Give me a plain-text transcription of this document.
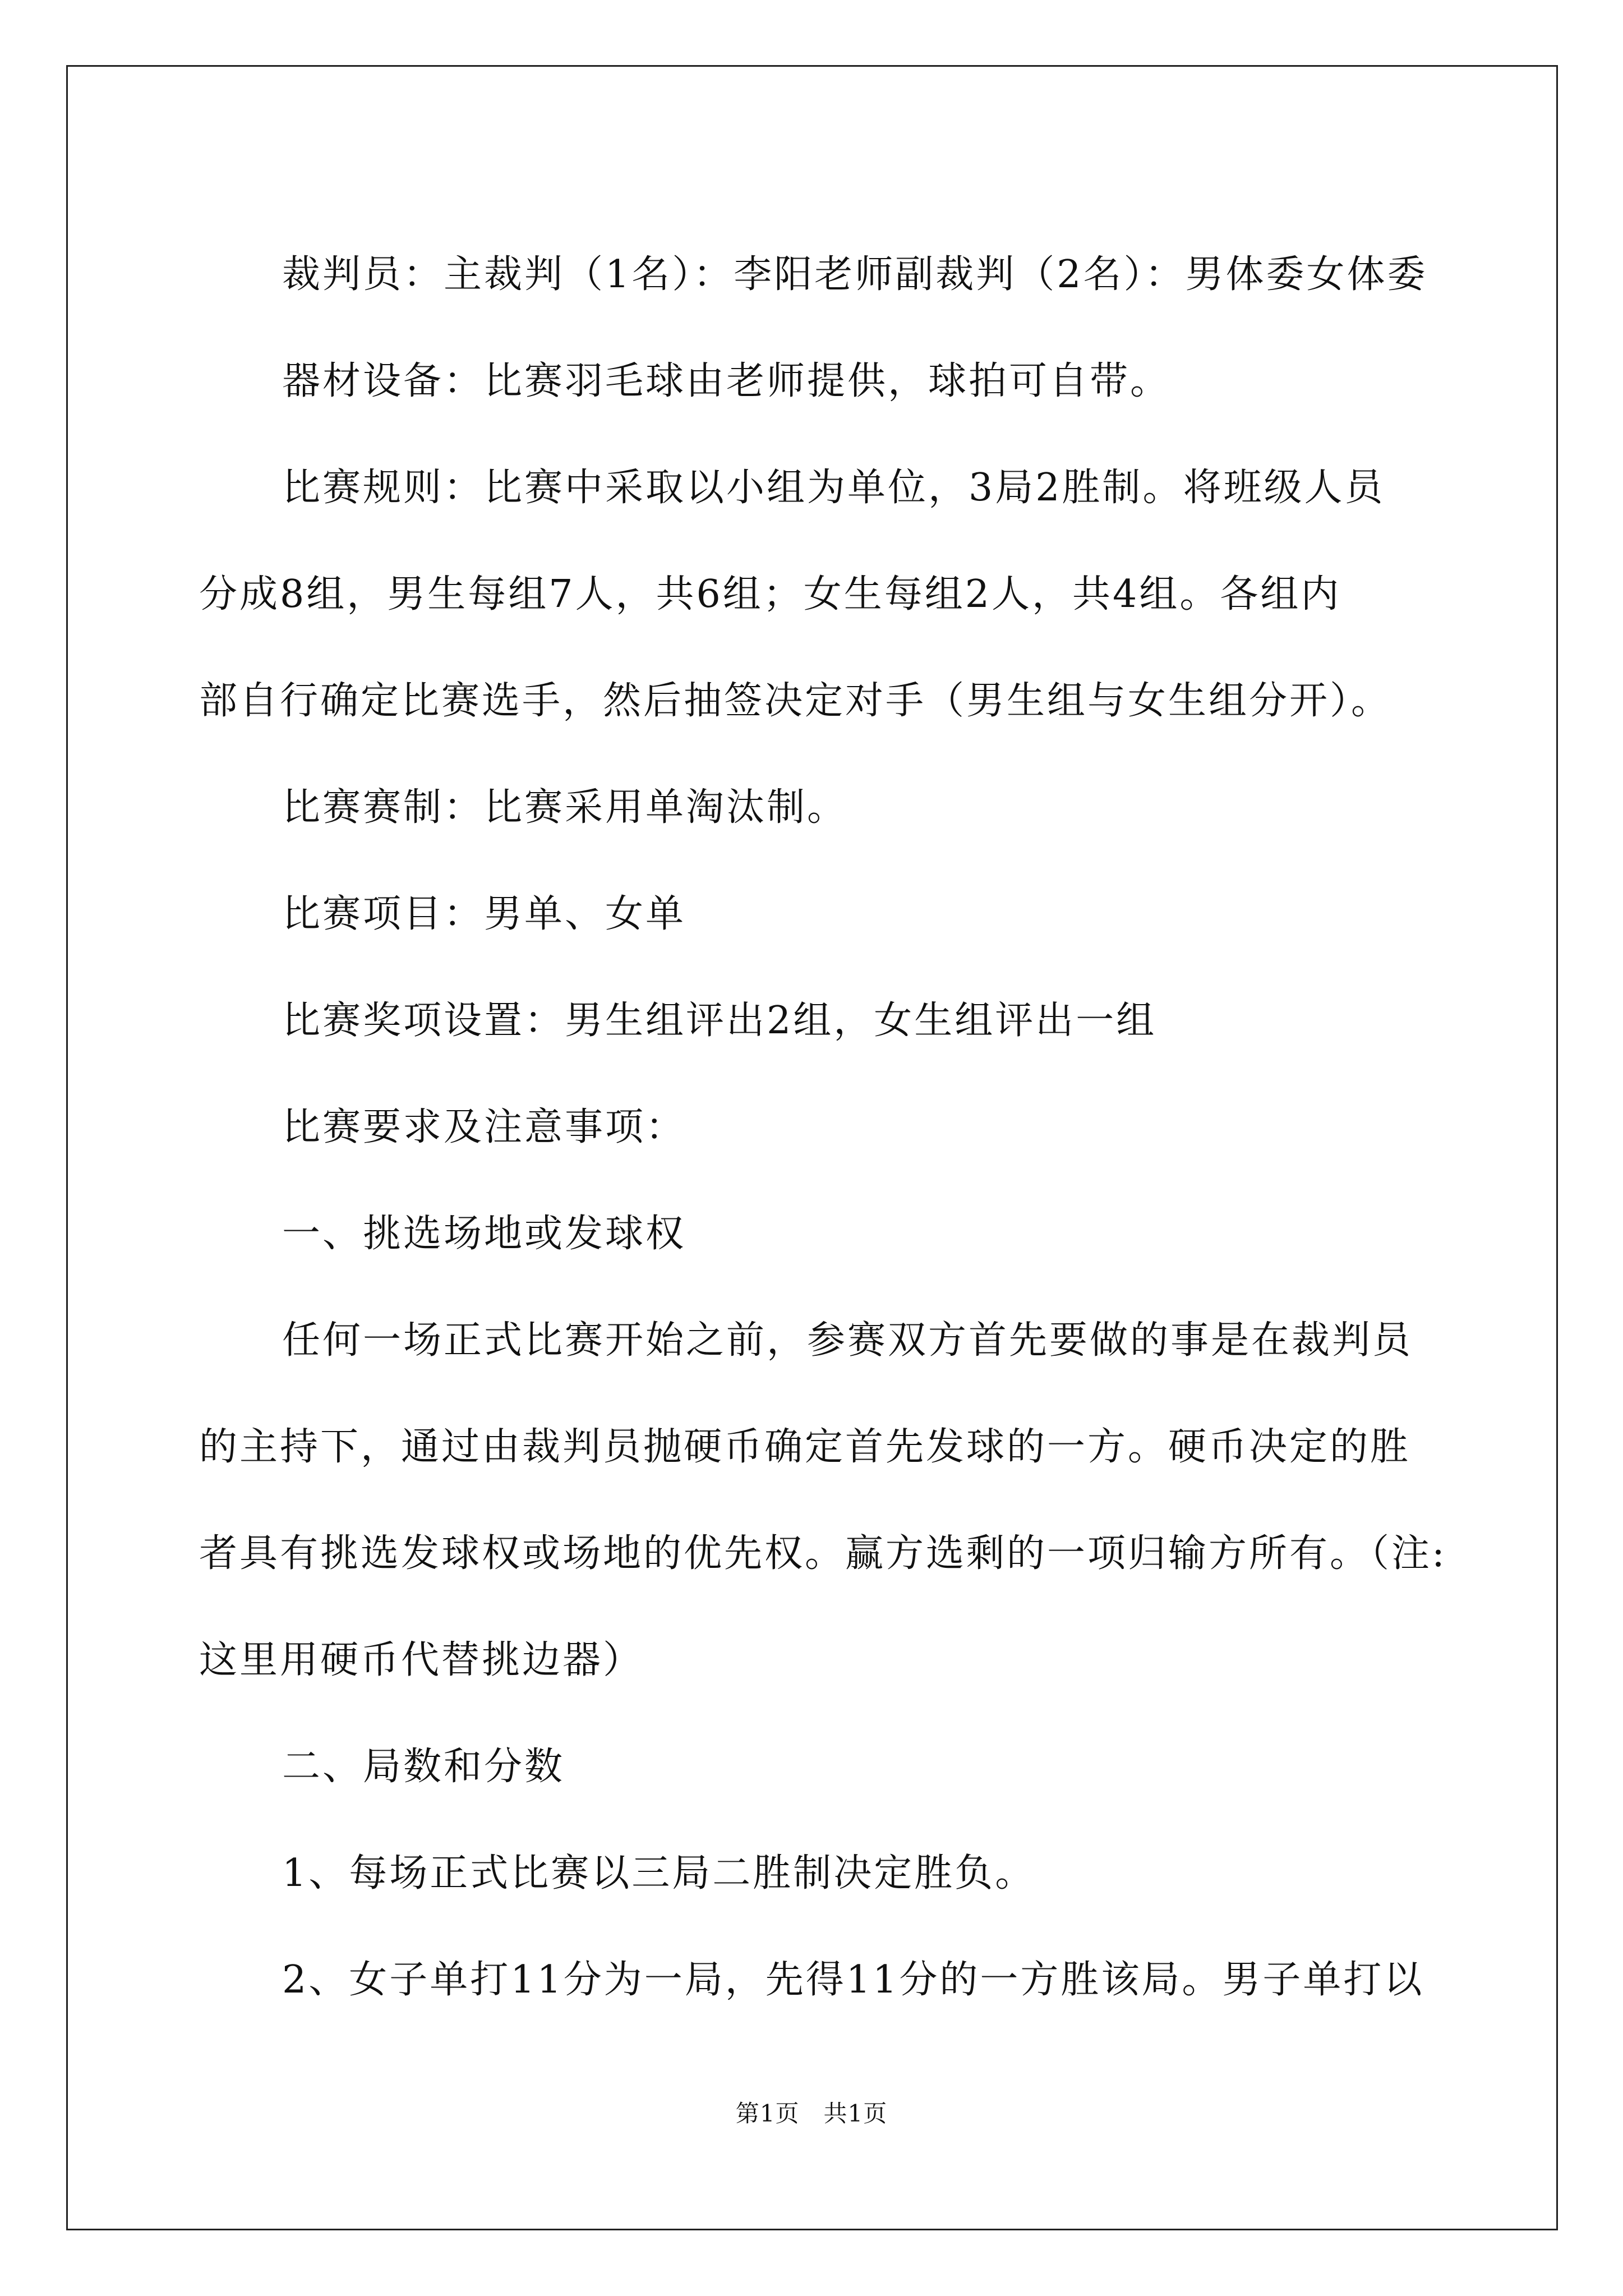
裁判员：主裁判（1名）：李阳老师副裁判（2名）：男体委女体委

器材设备：比赛羽毛球由老师提供，球拍可自带。

比赛规则：比赛中采取以小组为单位，3局2胜制。将班级人员

分成8组，男生每组7人，共6组；女生每组2人，共4组。各组内

部自行确定比赛选手，然后抽签决定对手（男生组与女生组分开）。

比赛赛制：比赛采用单淘汰制。

比赛项目：男单、女单

比赛奖项设置：男生组评出2组，女生组评出一组

比赛要求及注意事项：

一、挑选场地或发球权

任何一场正式比赛开始之前，参赛双方首先要做的事是在裁判员

的主持下，通过由裁判员抛硬币确定首先发球的一方。硬币决定的胜

者具有挑选发球权或场地的优先权。赢方选剩的一项归输方所有。（注:

这里用硬币代替挑边器）

二、局数和分数

1、每场正式比赛以三局二胜制决定胜负。

2、女子单打11分为一局，先得11分的一方胜该局。男子单打以

第1页　共1页
